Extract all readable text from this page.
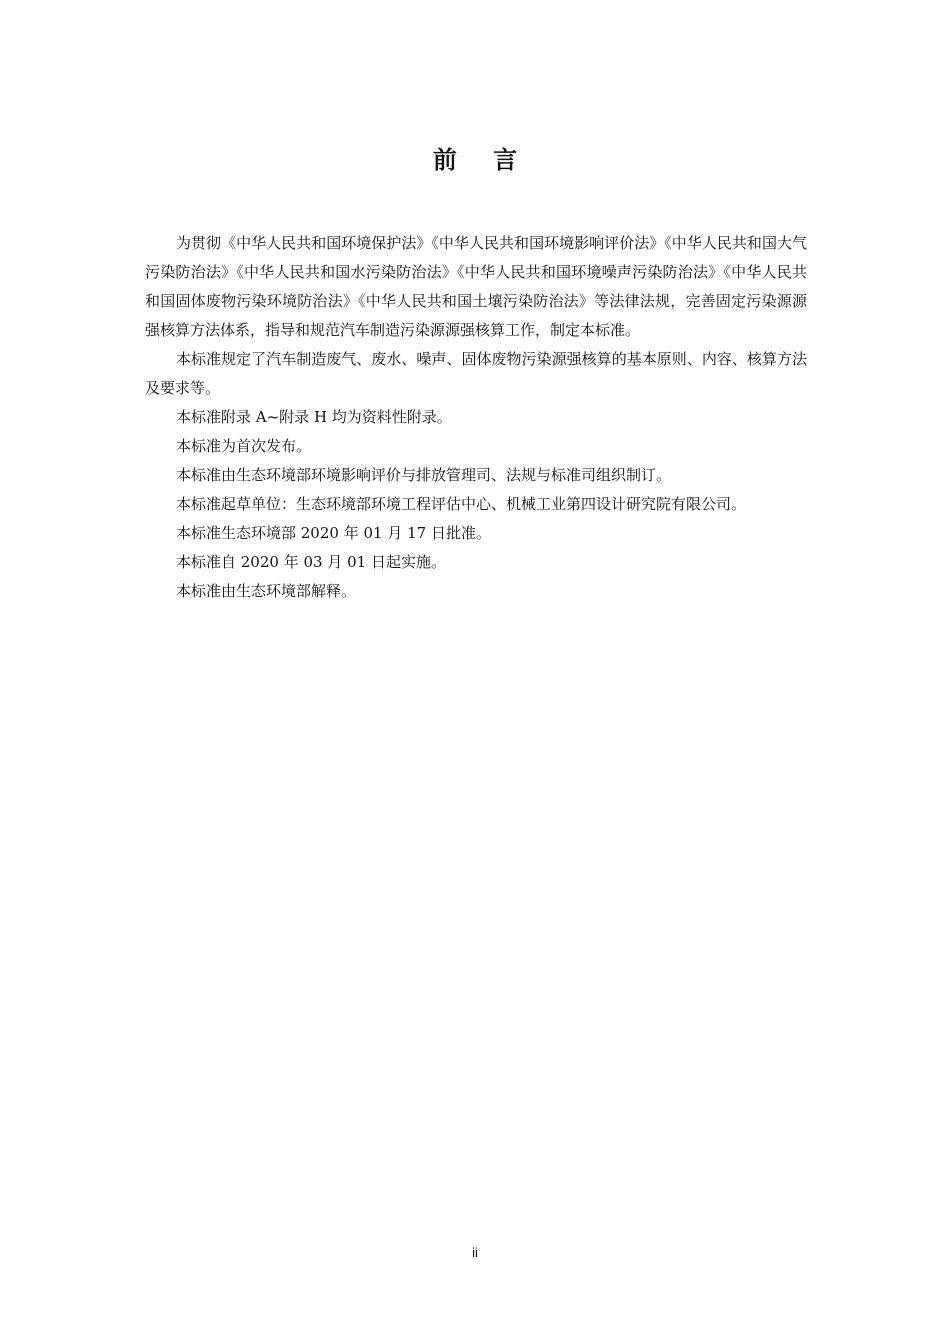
前 言

为贯彻《中华人民共和国环境保护法》《中华人民共和国环境影响评价法》《中华人民共和国大气污染防治法》《中华人民共和国水污染防治法》《中华人民共和国环境噪声污染防治法》《中华人民共和国固体废物污染环境防治法》《中华人民共和国土壤污染防治法》等法律法规，完善固定污染源源强核算方法体系，指导和规范汽车制造污染源源强核算工作，制定本标准。

本标准规定了汽车制造废气、废水、噪声、固体废物污染源强核算的基本原则、内容、核算方法及要求等。

本标准附录 A~附录 H 均为资料性附录。

本标准为首次发布。

本标准由生态环境部环境影响评价与排放管理司、法规与标准司组织制订。

本标准起草单位：生态环境部环境工程评估中心、机械工业第四设计研究院有限公司。

本标准生态环境部 2020 年 01 月 17 日批准。

本标准自 2020 年 03 月 01 日起实施。

本标准由生态环境部解释。

ii
